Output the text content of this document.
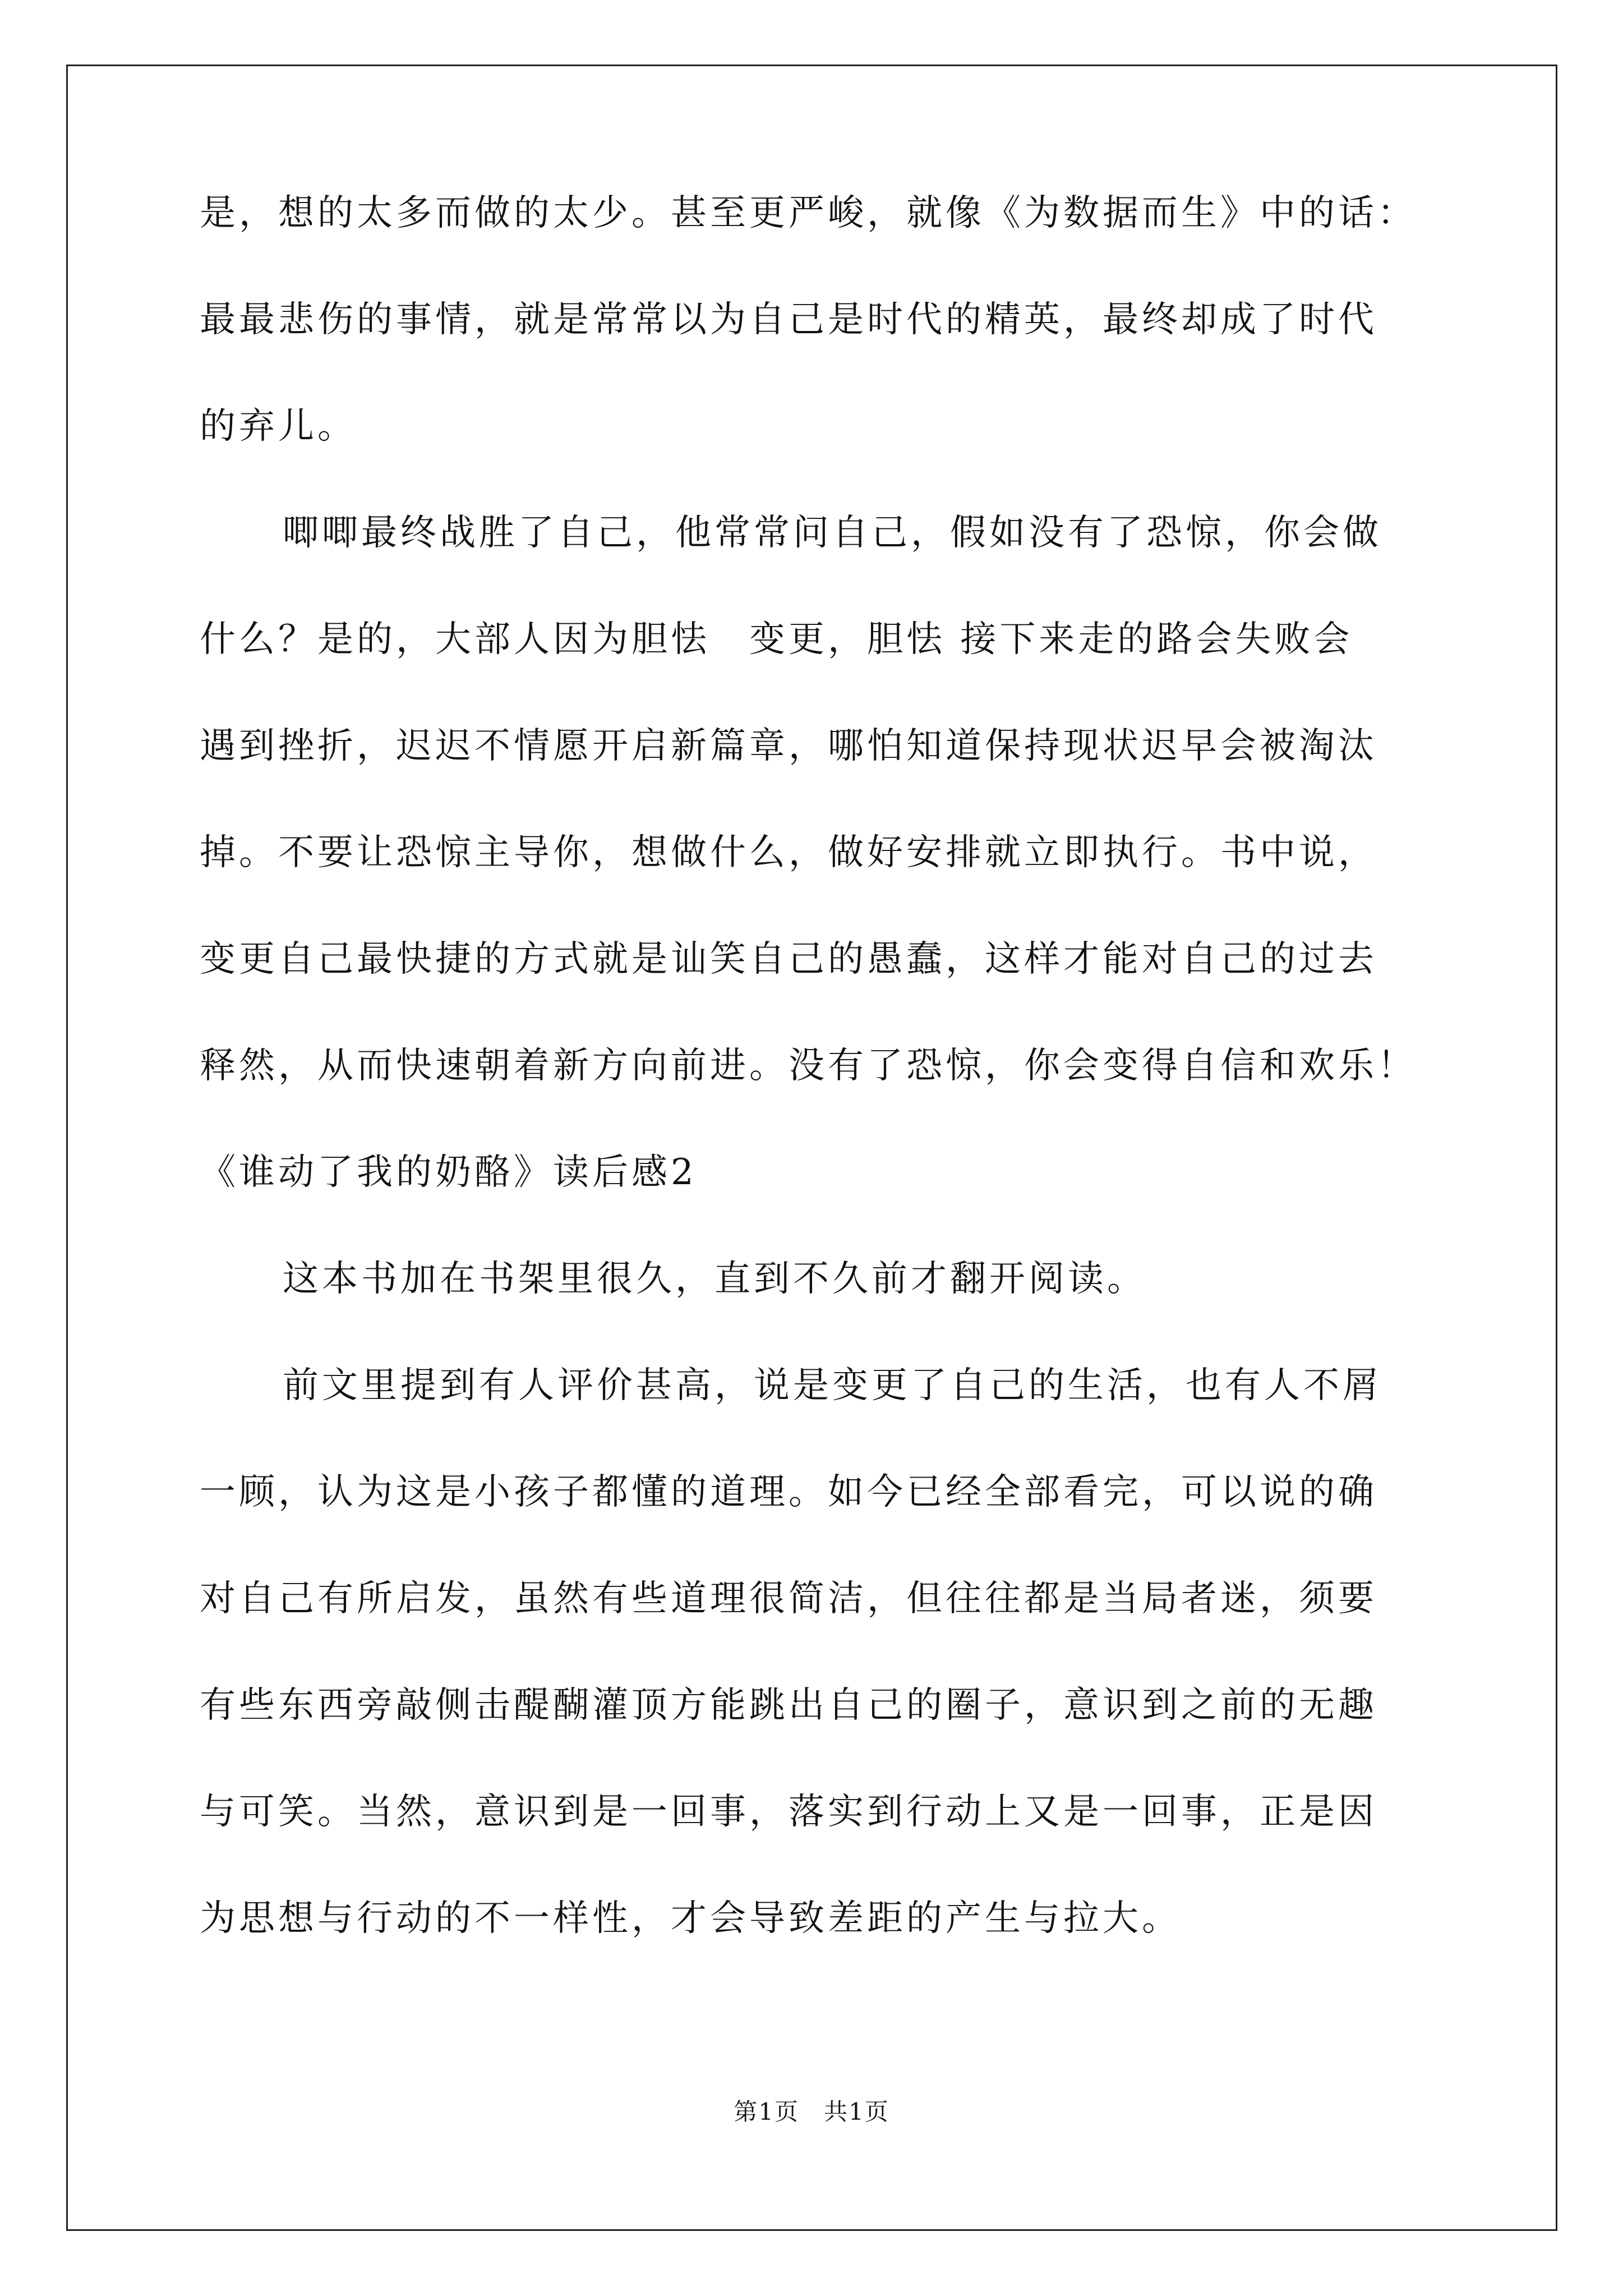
是，想的太多而做的太少。甚至更严峻，就像《为数据而生》中的话：
最最悲伤的事情，就是常常以为自己是时代的精英，最终却成了时代
的弃儿。
唧唧最终战胜了自己，他常常问自己，假如没有了恐惊，你会做
什么？是的，大部人因为胆怯　变更，胆怯 接下来走的路会失败会
遇到挫折，迟迟不情愿开启新篇章，哪怕知道保持现状迟早会被淘汰
掉。不要让恐惊主导你，想做什么，做好安排就立即执行。书中说，
变更自己最快捷的方式就是讪笑自己的愚蠢，这样才能对自己的过去
释然，从而快速朝着新方向前进。没有了恐惊，你会变得自信和欢乐！
《谁动了我的奶酪》读后感2
这本书加在书架里很久，直到不久前才翻开阅读。
前文里提到有人评价甚高，说是变更了自己的生活，也有人不屑
一顾，认为这是小孩子都懂的道理。如今已经全部看完，可以说的确
对自己有所启发，虽然有些道理很简洁，但往往都是当局者迷，须要
有些东西旁敲侧击醍醐灌顶方能跳出自己的圈子，意识到之前的无趣
与可笑。当然，意识到是一回事，落实到行动上又是一回事，正是因
为思想与行动的不一样性，才会导致差距的产生与拉大。
第1页　共1页
